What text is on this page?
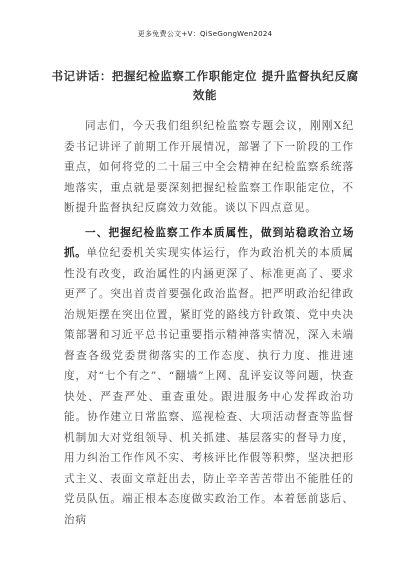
更多免费公文+V：QiSeGongWen2024
书记讲话：把握纪检监察工作职能定位 提升监督执纪反腐
效能

同志们，今天我们组织纪检监察专题会议，刚刚X纪委书记讲评了前期工作开展情况，部署了下一阶段的工作重点，如何将党的二十届三中全会精神在纪检监察系统落地落实，重点就是要深刻把握纪检监察工作职能定位，不断提升监督执纪反腐效力效能。谈以下四点意见。

一、把握纪检监察工作本质属性，做到站稳政治立场抓。单位纪委机关实现实体运行，作为政治机关的本质属性没有改变，政治属性的内涵更深了、标准更高了、要求更严了。突出首责首要强化政治监督。把严明政治纪律政治规矩摆在突出位置，紧盯党的路线方针政策、党中央决策部署和习近平总书记重要指示精神落实情况，深入未端督查各级党委贯彻落实的工作态度、执行力度、推进速度，对“七个有之”、“翻墙”上网、乱评妄议等问题，快查快处、严查严处、重查重处。跟进服务中心发挥政治功能。协作建立日常监察、巡视检查、大项活动督查等监督机制加大对党组领导、机关抓建、基层落实的督导力度，用力纠治工作作风不实、考核评比作假等积弊，坚决把形式主义、表面文章赶出去，防止辛辛苦苦带出不能胜任的党员队伍。端正根本态度做实政治工作。本着惩前毖后、治病
